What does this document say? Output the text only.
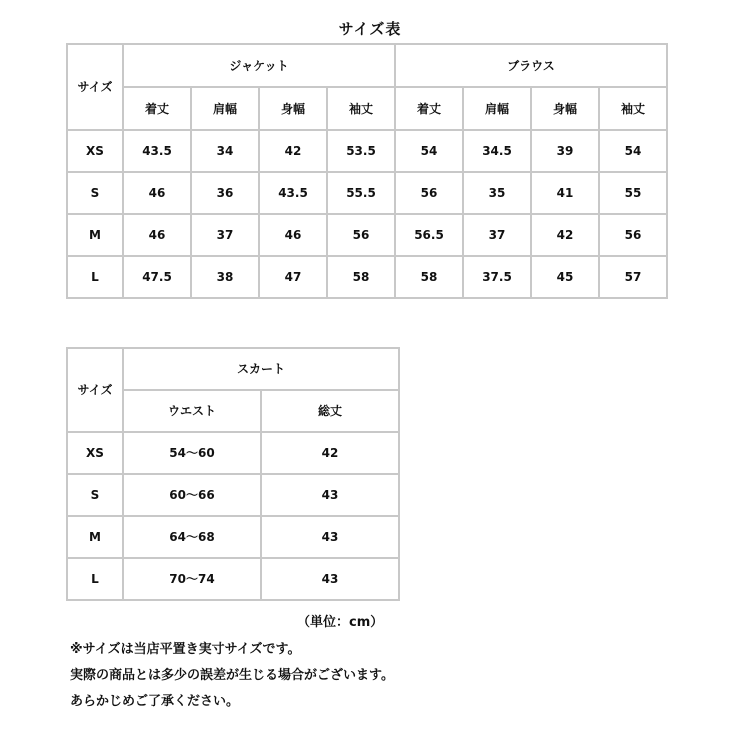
サイズ表
サイズ	ジャケット				ブラウス			
	着丈	肩幅	身幅	袖丈	着丈	肩幅	身幅	袖丈
XS	43.5	34	42	53.5	54	34.5	39	54
S	46	36	43.5	55.5	56	35	41	55
M	46	37	46	56	56.5	37	42	56
L	47.5	38	47	58	58	37.5	45	57
サイズ	スカート	
	ウエスト	総丈
XS	54～60	42
S	60～66	43
M	64～68	43
L	70～74	43
（単位：cm）
※サイズは当店平置き実寸サイズです。
実際の商品とは多少の誤差が生じる場合がございます。
あらかじめご了承ください。
